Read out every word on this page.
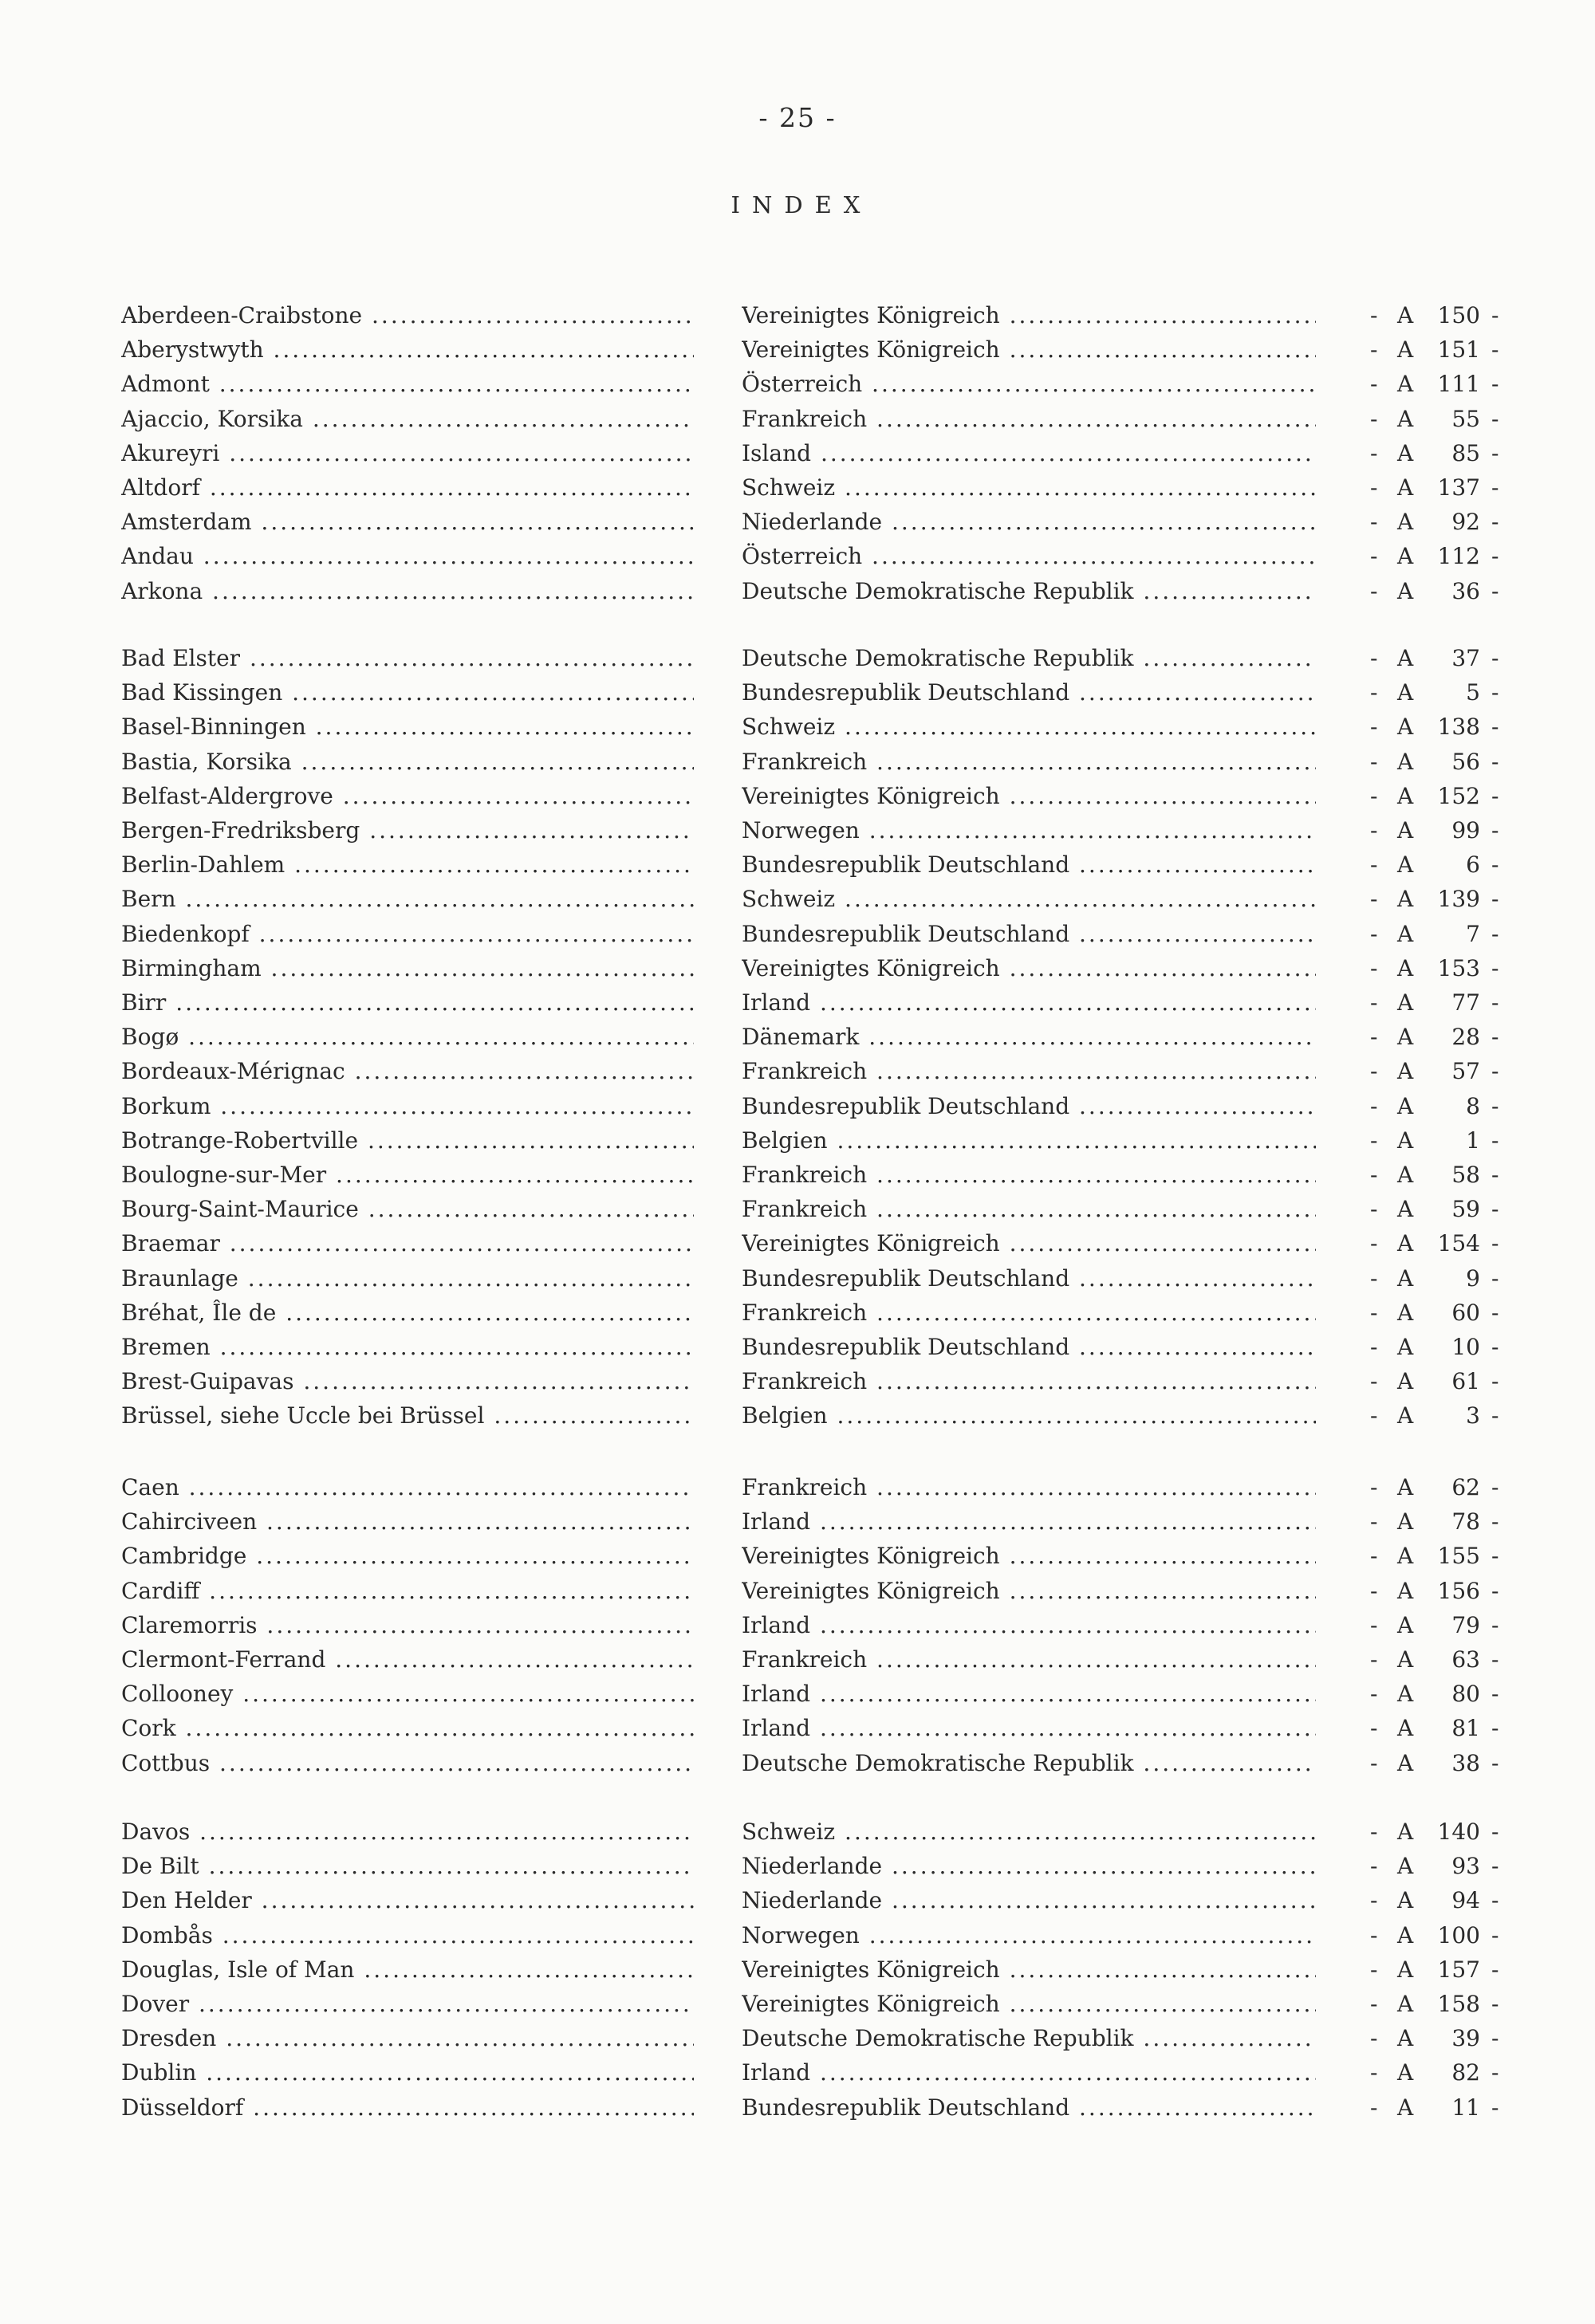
- 25 -
INDEX
Aberdeen-Craibstone .....	Vereinigtes Königreich .....	- A	150 -
Aberystwyth .....	Vereinigtes Königreich .....	- A	151 -
Admont .....	Österreich .....	- A	111 -
Ajaccio, Korsika .....	Frankreich .....	- A	55 -
Akureyri .....	Island .....	- A	85 -
Altdorf .....	Schweiz .....	- A	137 -
Amsterdam .....	Niederlande .....	- A	92 -
Andau .....	Österreich .....	- A	112 -
Arkona .....	Deutsche Demokratische Republik .....	- A	36 -
Bad Elster .....	Deutsche Demokratische Republik .....	- A	37 -
Bad Kissingen .....	Bundesrepublik Deutschland .....	- A	5 -
Basel-Binningen .....	Schweiz .....	- A	138 -
Bastia, Korsika .....	Frankreich .....	- A	56 -
Belfast-Aldergrove .....	Vereinigtes Königreich .....	- A	152 -
Bergen-Fredriksberg .....	Norwegen .....	- A	99 -
Berlin-Dahlem .....	Bundesrepublik Deutschland .....	- A	6 -
Bern .....	Schweiz .....	- A	139 -
Biedenkopf .....	Bundesrepublik Deutschland .....	- A	7 -
Birmingham .....	Vereinigtes Königreich .....	- A	153 -
Birr .....	Irland .....	- A	77 -
Bogø .....	Dänemark .....	- A	28 -
Bordeaux-Mérignac .....	Frankreich .....	- A	57 -
Borkum .....	Bundesrepublik Deutschland .....	- A	8 -
Botrange-Robertville .....	Belgien .....	- A	1 -
Boulogne-sur-Mer .....	Frankreich .....	- A	58 -
Bourg-Saint-Maurice .....	Frankreich .....	- A	59 -
Braemar .....	Vereinigtes Königreich .....	- A	154 -
Braunlage .....	Bundesrepublik Deutschland .....	- A	9 -
Bréhat, Île de .....	Frankreich .....	- A	60 -
Bremen .....	Bundesrepublik Deutschland .....	- A	10 -
Brest-Guipavas .....	Frankreich .....	- A	61 -
Brüssel, siehe Uccle bei Brüssel .....	Belgien .....	- A	3 -
Caen .....	Frankreich .....	- A	62 -
Cahirciveen .....	Irland .....	- A	78 -
Cambridge .....	Vereinigtes Königreich .....	- A	155 -
Cardiff .....	Vereinigtes Königreich .....	- A	156 -
Claremorris .....	Irland .....	- A	79 -
Clermont-Ferrand .....	Frankreich .....	- A	63 -
Collooney .....	Irland .....	- A	80 -
Cork .....	Irland .....	- A	81 -
Cottbus .....	Deutsche Demokratische Republik .....	- A	38 -
Davos .....	Schweiz .....	- A	140 -
De Bilt .....	Niederlande .....	- A	93 -
Den Helder .....	Niederlande .....	- A	94 -
Dombås .....	Norwegen .....	- A	100 -
Douglas, Isle of Man .....	Vereinigtes Königreich .....	- A	157 -
Dover .....	Vereinigtes Königreich .....	- A	158 -
Dresden .....	Deutsche Demokratische Republik .....	- A	39 -
Dublin .....	Irland .....	- A	82 -
Düsseldorf .....	Bundesrepublik Deutschland .....	- A	11 -
